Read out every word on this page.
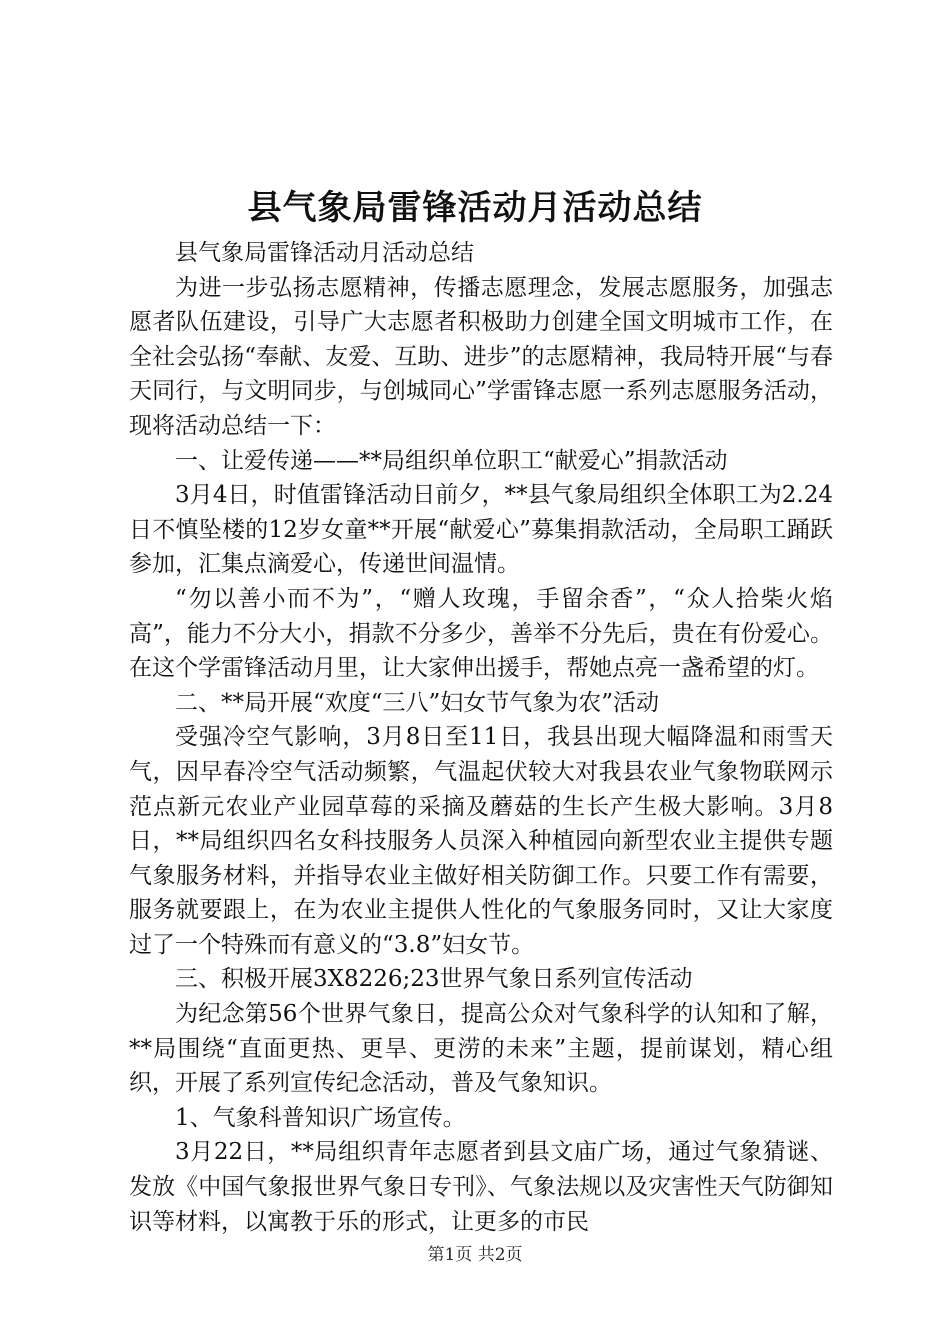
县气象局雷锋活动月活动总结

县气象局雷锋活动月活动总结

为进一步弘扬志愿精神，传播志愿理念，发展志愿服务，加强志愿者队伍建设，引导广大志愿者积极助力创建全国文明城市工作，在全社会弘扬“奉献、友爱、互助、进步”的志愿精神，我局特开展“与春天同行，与文明同步，与创城同心”学雷锋志愿一系列志愿服务活动，现将活动总结一下：

一、让爱传递——**局组织单位职工“献爱心”捐款活动

3月4日，时值雷锋活动日前夕，**县气象局组织全体职工为2.24日不慎坠楼的12岁女童**开展“献爱心”募集捐款活动，全局职工踊跃参加，汇集点滴爱心，传递世间温情。

“勿以善小而不为”，“赠人玫瑰，手留余香”，“众人拾柴火焰高”，能力不分大小，捐款不分多少，善举不分先后，贵在有份爱心。在这个学雷锋活动月里，让大家伸出援手，帮她点亮一盏希望的灯。

二、**局开展“欢度“三八”妇女节气象为农”活动

受强冷空气影响，3月8日至11日，我县出现大幅降温和雨雪天气，因早春冷空气活动频繁，气温起伏较大对我县农业气象物联网示范点新元农业产业园草莓的采摘及蘑菇的生长产生极大影响。3月8日，**局组织四名女科技服务人员深入种植园向新型农业主提供专题气象服务材料，并指导农业主做好相关防御工作。只要工作有需要，服务就要跟上，在为农业主提供人性化的气象服务同时，又让大家度过了一个特殊而有意义的“3.8”妇女节。

三、积极开展3X8226;23世界气象日系列宣传活动

为纪念第56个世界气象日，提高公众对气象科学的认知和了解，**局围绕“直面更热、更旱、更涝的未来”主题，提前谋划，精心组织，开展了系列宣传纪念活动，普及气象知识。

1、气象科普知识广场宣传。

3月22日，**局组织青年志愿者到县文庙广场，通过气象猜谜、发放《中国气象报世界气象日专刊》、气象法规以及灾害性天气防御知识等材料，以寓教于乐的形式，让更多的市民

第1页 共2页
